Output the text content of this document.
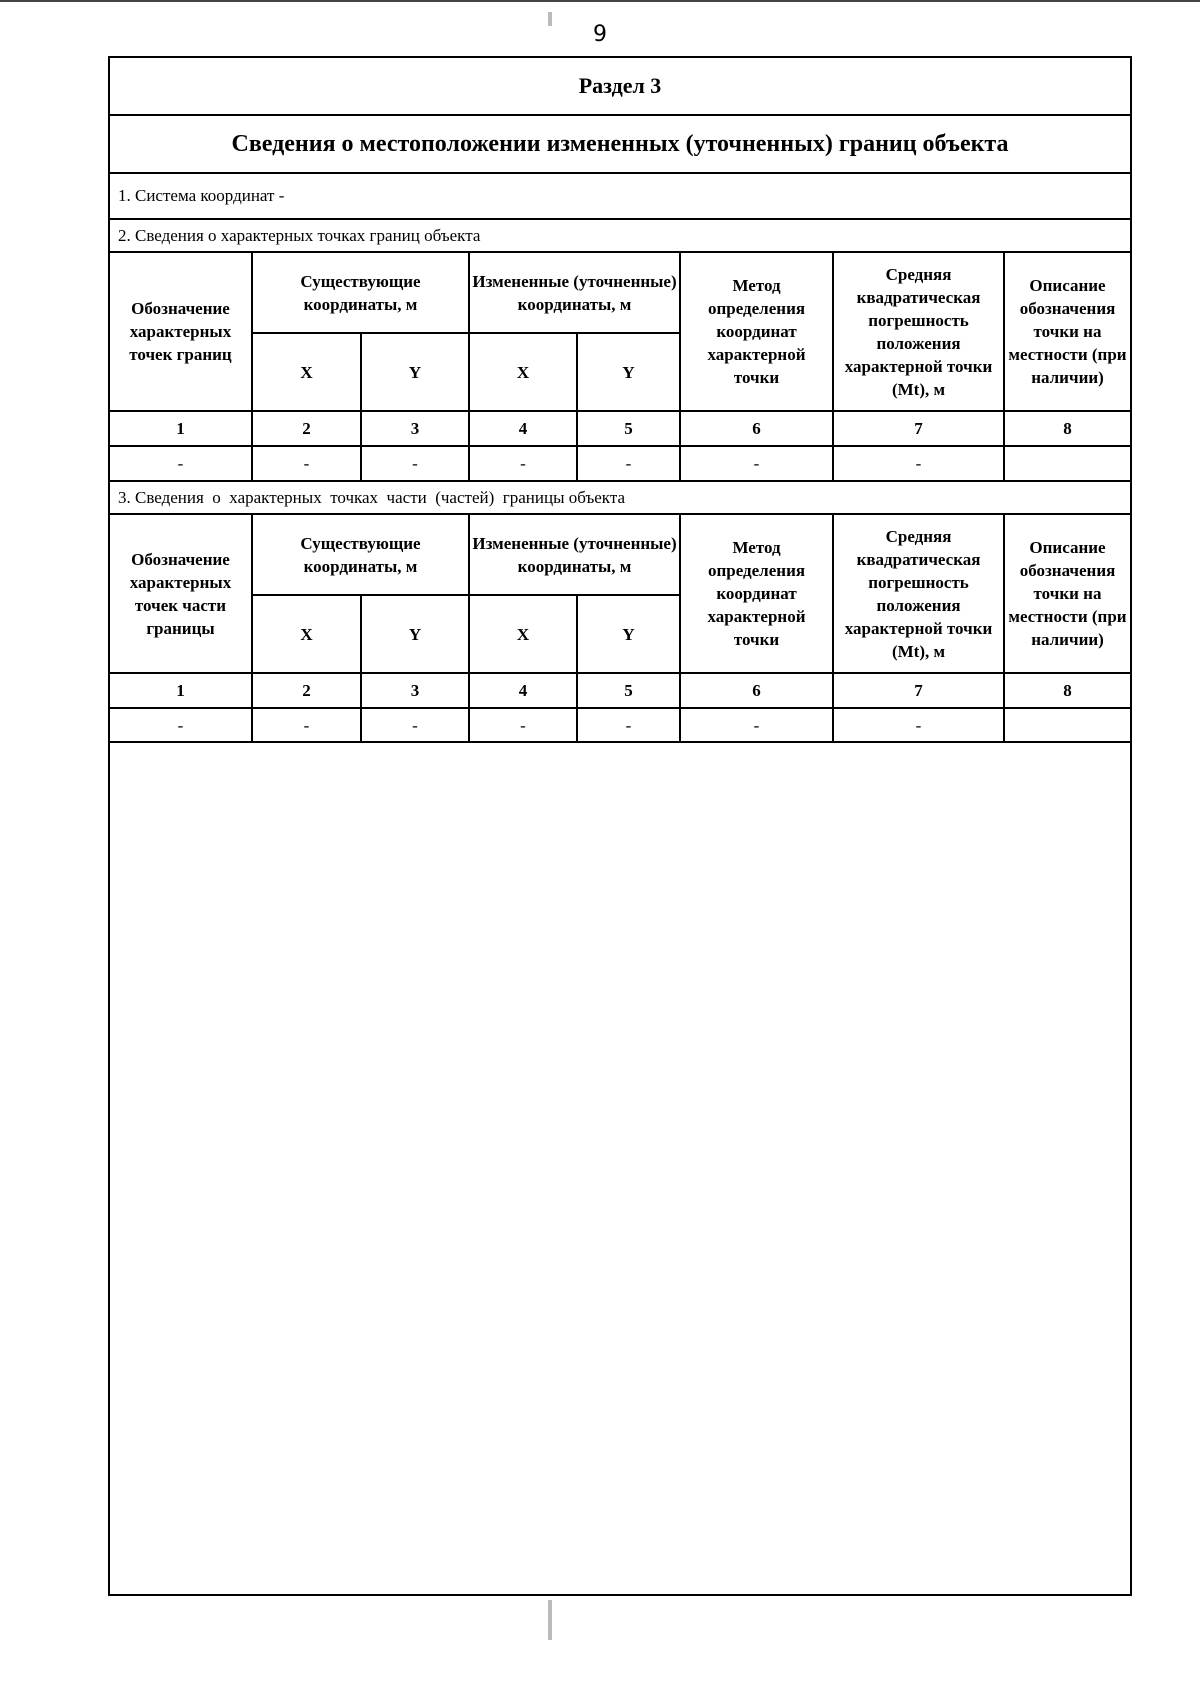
9
Раздел 3
Сведения о местоположении измененных (уточненных) границ объекта
1. Система координат -
2. Сведения о характерных точках границ объекта
Обозначение характерных точек границ	Существующие координаты, м		Измененные (уточненные) координаты, м		Метод определения координат характерной точки	Средняя квадратическая погрешность положения характерной точки (Mt), м	Описание обозначения точки на местности (при наличии)
	X	Y	X	Y			
1	2	3	4	5	6	7	8
-	-	-	-	-	-	-	
3. Сведения  о  характерных  точках  части  (частей)  границы объекта
Обозначение характерных точек части границы	Существующие координаты, м		Измененные (уточненные) координаты, м		Метод определения координат характерной точки	Средняя квадратическая погрешность положения характерной точки (Mt), м	Описание обозначения точки на местности (при наличии)
	X	Y	X	Y			
1	2	3	4	5	6	7	8
-	-	-	-	-	-	-	
